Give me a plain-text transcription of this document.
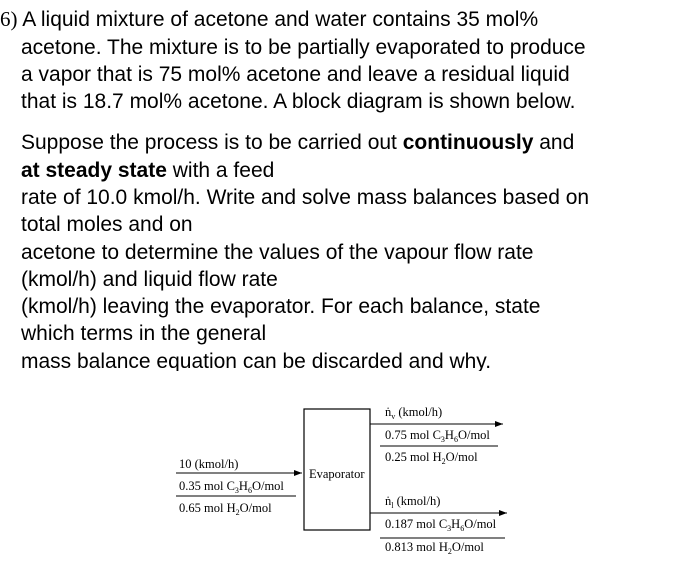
6) A liquid mixture of acetone and water contains 35 mol%
acetone. The mixture is to be partially evaporated to produce
a vapor that is 75 mol% acetone and leave a residual liquid
that is 18.7 mol% acetone. A block diagram is shown below.
Suppose the process is to be carried out continuously and
at steady state with a feed
rate of 10.0 kmol/h. Write and solve mass balances based on
total moles and on
acetone to determine the values of the vapour flow rate
(kmol/h) and liquid flow rate
(kmol/h) leaving the evaporator. For each balance, state
which terms in the general
mass balance equation can be discarded and why.
Evaporator
10 (kmol/h)
0.35 mol $C_3H_6O$/mol
0.65 mol $H_2O$/mol
ṅ$_v$ (kmol/h)
0.75 mol $C_3H_6O$/mol
0.25 mol $H_2O$/mol
ṅ$_l$ (kmol/h)
0.187 mol $C_3H_6O$/mol
0.813 mol $H_2O$/mol
